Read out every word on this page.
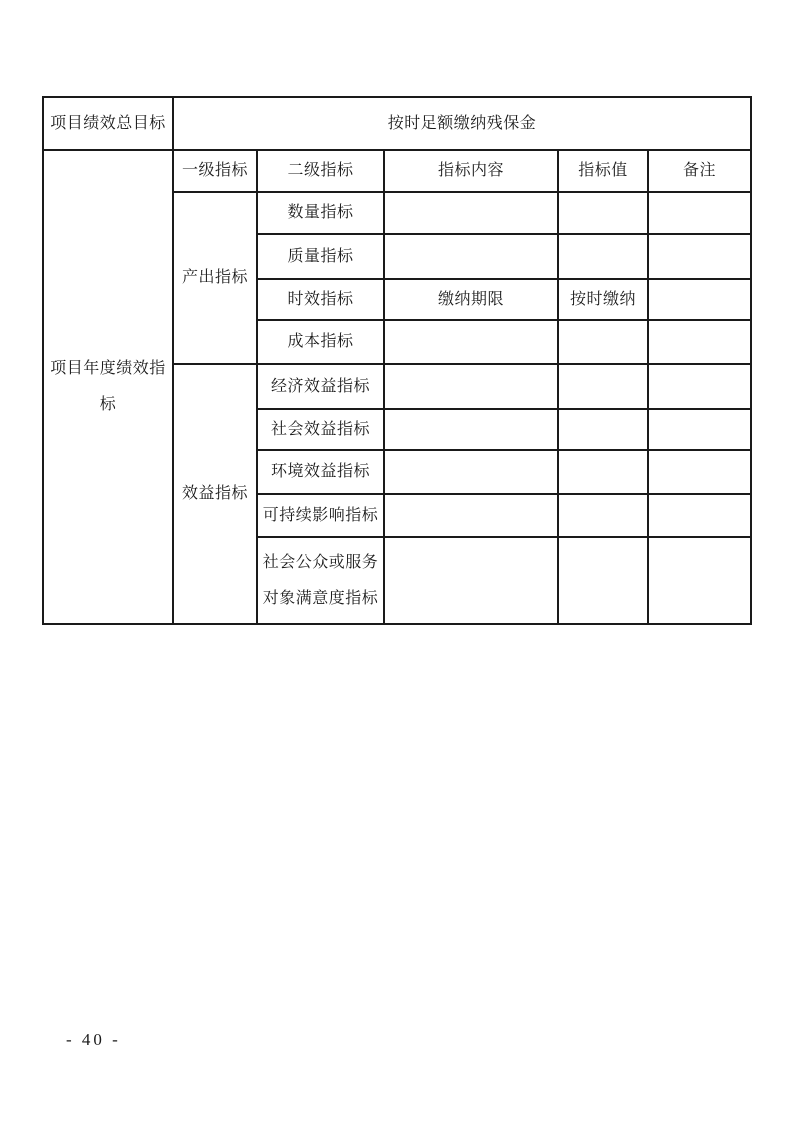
项目绩效总目标	按时足额缴纳残保金				
项目年度绩效指标	一级指标	二级指标	指标内容	指标值	备注
	产出指标	数量指标			
		质量指标			
		时效指标	缴纳期限	按时缴纳	
		成本指标			
	效益指标	经济效益指标			
		社会效益指标			
		环境效益指标			
		可持续影响指标			
		社会公众或服务对象满意度指标			
- 40 -
